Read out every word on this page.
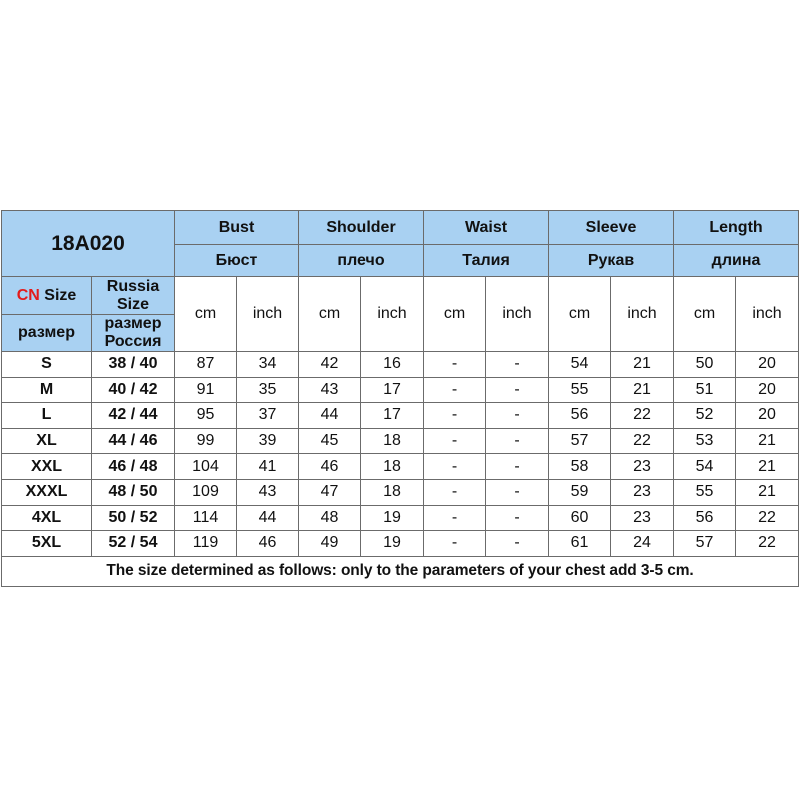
18A020		Bust		Shoulder		Waist		Sleeve		Length	
		Бюст		плечо		Талия		Рукав		длина	
CN Size	Russia Size	cm	inch	cm	inch	cm	inch	cm	inch	cm	inch
размер	размер Россия										
S	38 / 40	87	34	42	16	-	-	54	21	50	20
M	40 / 42	91	35	43	17	-	-	55	21	51	20
L	42 / 44	95	37	44	17	-	-	56	22	52	20
XL	44 / 46	99	39	45	18	-	-	57	22	53	21
XXL	46 / 48	104	41	46	18	-	-	58	23	54	21
XXXL	48 / 50	109	43	47	18	-	-	59	23	55	21
4XL	50 / 52	114	44	48	19	-	-	60	23	56	22
5XL	52 / 54	119	46	49	19	-	-	61	24	57	22
The size determined as follows: only to the parameters of your chest add 3-5 cm.											
